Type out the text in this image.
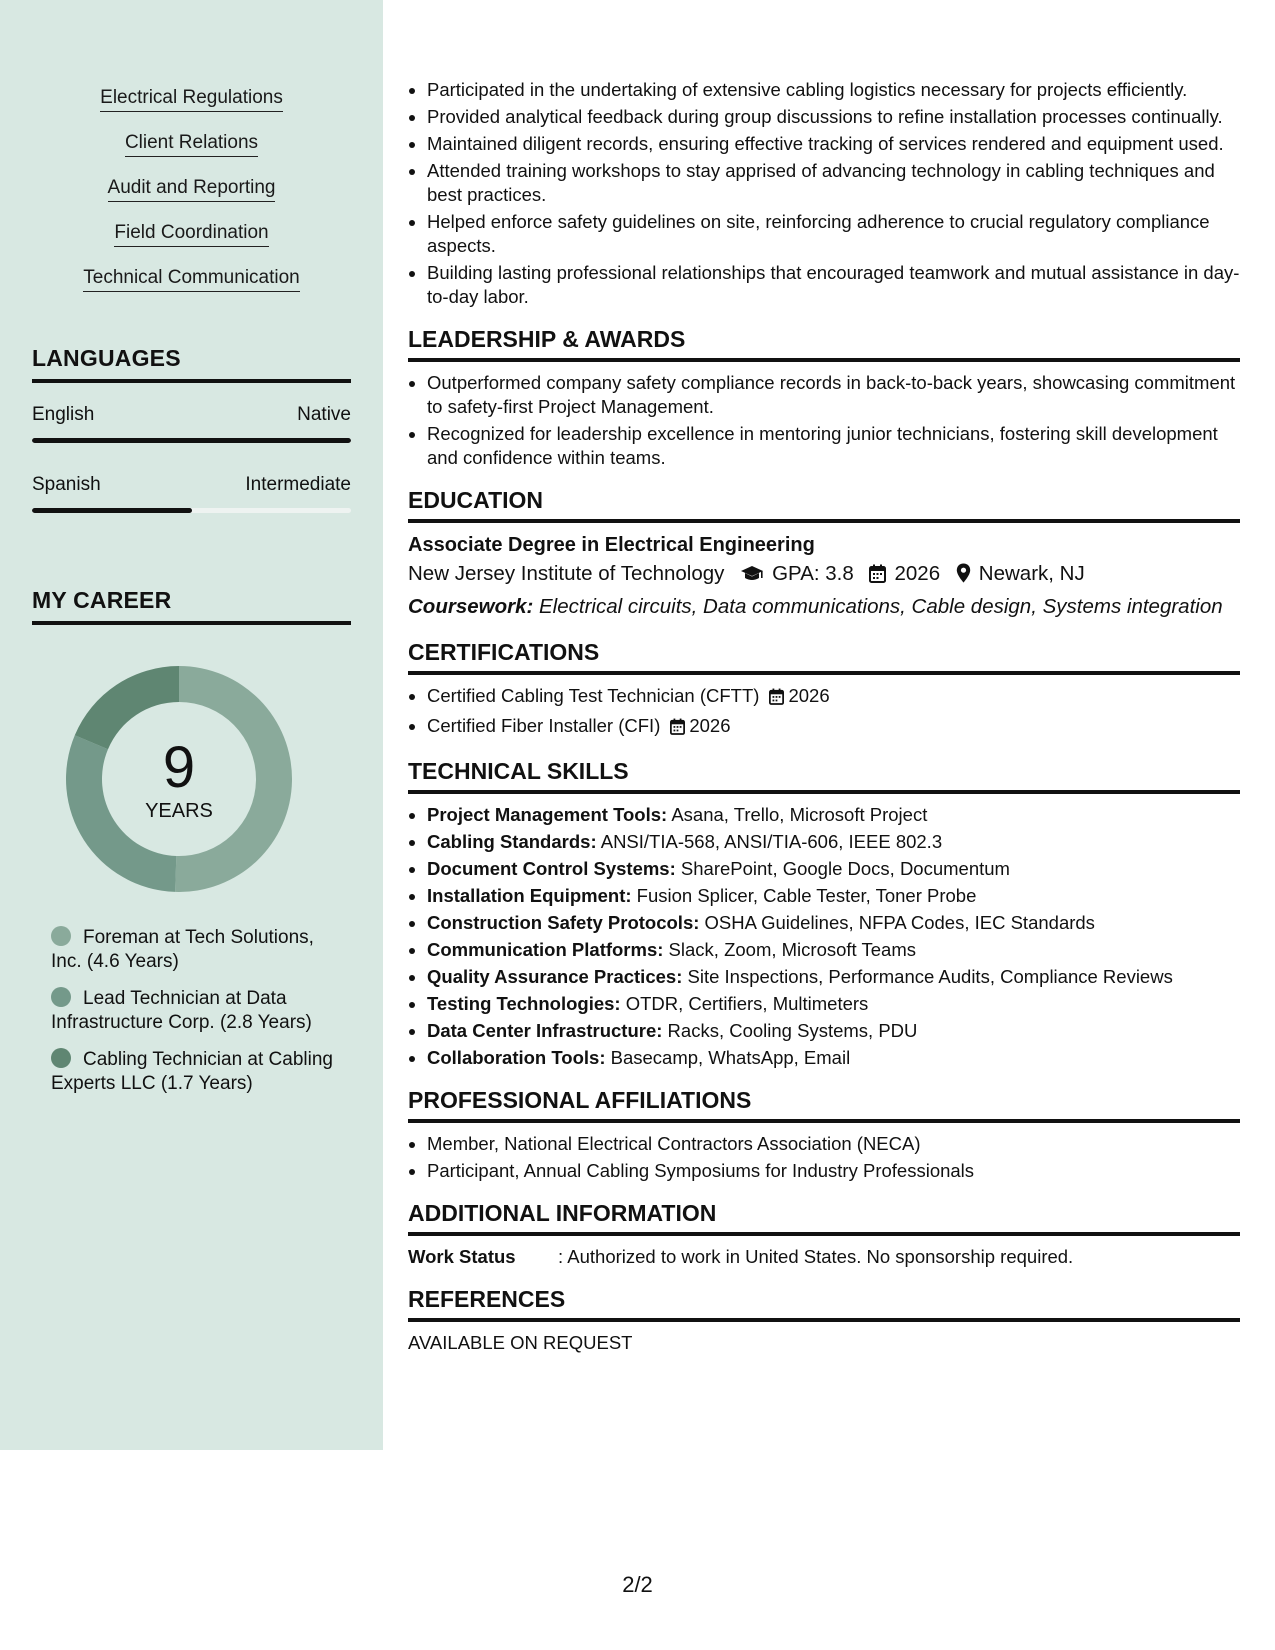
Electrical Regulations
Client Relations
Audit and Reporting
Field Coordination
Technical Communication
LANGUAGES
English	Native
Spanish	Intermediate
MY CAREER
9
YEARS
Foreman at Tech Solutions, Inc. (4.6 Years)
Lead Technician at Data Infrastructure Corp. (2.8 Years)
Cabling Technician at Cabling Experts LLC (1.7 Years)
• Participated in the undertaking of extensive cabling logistics necessary for projects efficiently.
• Provided analytical feedback during group discussions to refine installation processes continually.
• Maintained diligent records, ensuring effective tracking of services rendered and equipment used.
• Attended training workshops to stay apprised of advancing technology in cabling techniques and best practices.
• Helped enforce safety guidelines on site, reinforcing adherence to crucial regulatory compliance aspects.
• Building lasting professional relationships that encouraged teamwork and mutual assistance in day-to-day labor.
LEADERSHIP & AWARDS
• Outperformed company safety compliance records in back-to-back years, showcasing commitment to safety-first Project Management.
• Recognized for leadership excellence in mentoring junior technicians, fostering skill development and confidence within teams.
EDUCATION
Associate Degree in Electrical Engineering
New Jersey Institute of Technology GPA: 3.8 2026 Newark, NJ
Coursework: Electrical circuits, Data communications, Cable design, Systems integration
CERTIFICATIONS
• Certified Cabling Test Technician (CFTT) 2026
• Certified Fiber Installer (CFI) 2026
TECHNICAL SKILLS
• Project Management Tools: Asana, Trello, Microsoft Project
• Cabling Standards: ANSI/TIA-568, ANSI/TIA-606, IEEE 802.3
• Document Control Systems: SharePoint, Google Docs, Documentum
• Installation Equipment: Fusion Splicer, Cable Tester, Toner Probe
• Construction Safety Protocols: OSHA Guidelines, NFPA Codes, IEC Standards
• Communication Platforms: Slack, Zoom, Microsoft Teams
• Quality Assurance Practices: Site Inspections, Performance Audits, Compliance Reviews
• Testing Technologies: OTDR, Certifiers, Multimeters
• Data Center Infrastructure: Racks, Cooling Systems, PDU
• Collaboration Tools: Basecamp, WhatsApp, Email
PROFESSIONAL AFFILIATIONS
• Member, National Electrical Contractors Association (NECA)
• Participant, Annual Cabling Symposiums for Industry Professionals
ADDITIONAL INFORMATION
Work Status : Authorized to work in United States. No sponsorship required.
REFERENCES
AVAILABLE ON REQUEST
2/2
